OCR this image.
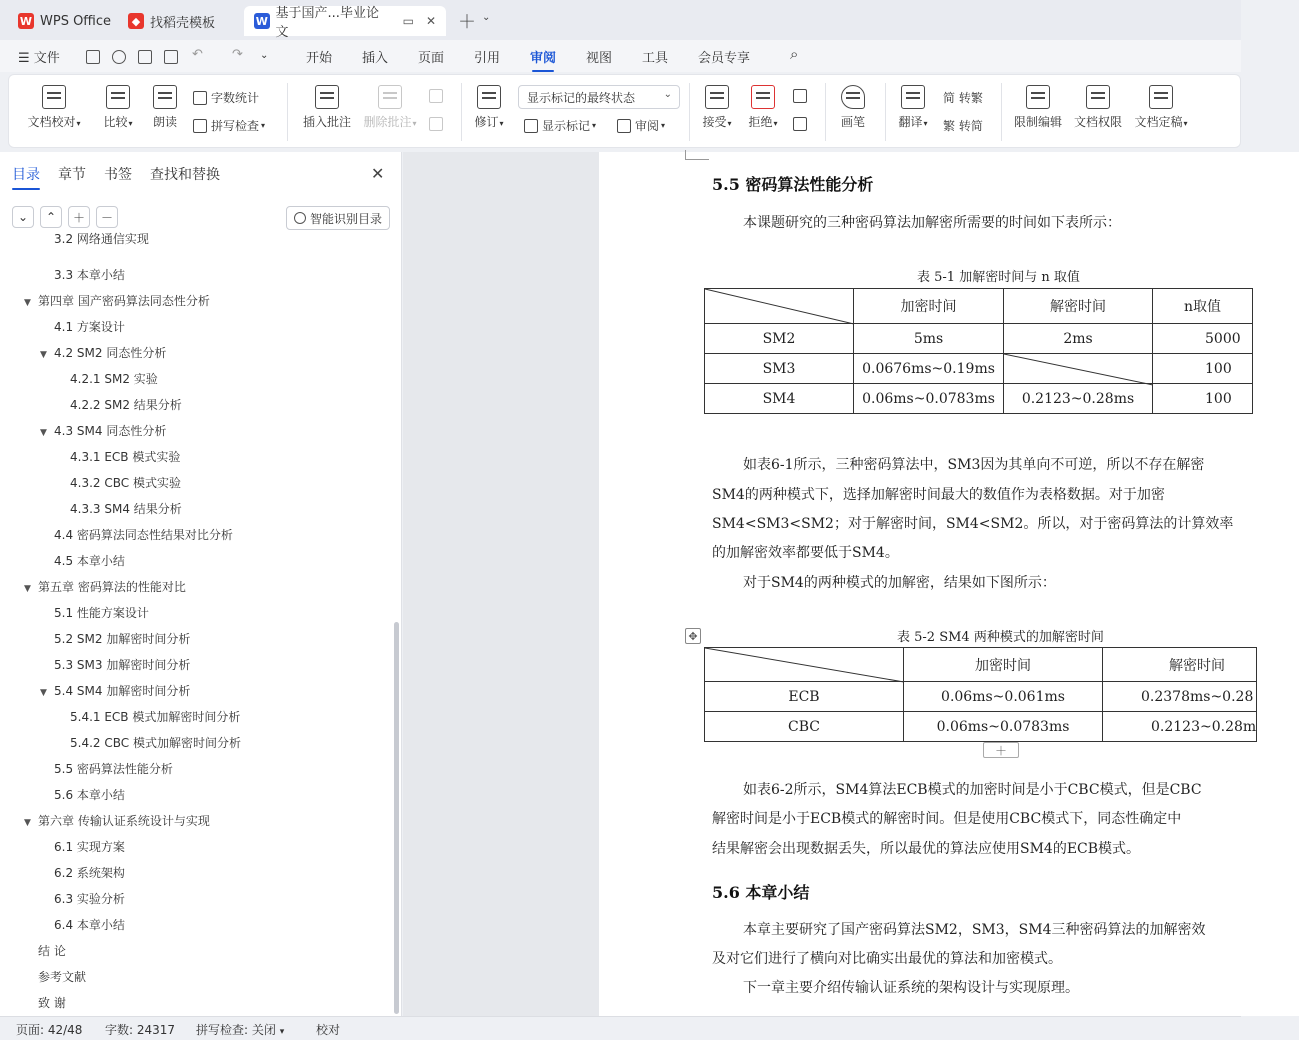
W WPS Office	◆ 找稻壳模板	W 基于国产...毕业论文
▭ ✕ ＋ ⌄
☰ 文件	↶ ↷ ⌄	开始 插入 页面 引用 审阅 视图 工具 会员专享	⌕
文档校对▾	比较▾	朗读
字数统计
拼写检查 ▾	插入批注	删除批注▾	修订▾
显示标记的最终状态	⌄
显示标记 ▾	审阅 ▾	接受▾	拒绝▾	画笔	翻译▾
简 转繁
繁 转简	限制编辑 文档权限	文档定稿▾
目录 章节 书签 查找和替换	✕
⌄	⌃	＋	－	智能识别目录
3.2 网络通信实现
3.3 本章小结
▼ 第四章 国产密码算法同态性分析
4.1 方案设计
▼ 4.2 SM2 同态性分析
4.2.1 SM2 实验
4.2.2 SM2 结果分析
▼ 4.3 SM4 同态性分析
4.3.1 ECB 模式实验
4.3.2 CBC 模式实验
4.3.3 SM4 结果分析
4.4 密码算法同态性结果对比分析
4.5 本章小结
▼ 第五章 密码算法的性能对比
5.1 性能方案设计
5.2 SM2 加解密时间分析
5.3 SM3 加解密时间分析
▼ 5.4 SM4 加解密时间分析
5.4.1 ECB 模式加解密时间分析
5.4.2 CBC 模式加解密时间分析
5.5 密码算法性能分析
5.6 本章小结
▼ 第六章 传输认证系统设计与实现
6.1 实现方案
6.2 系统架构
6.3 实验分析
6.4 本章小结
结 论
参考文献
致 谢
5.5 密码算法性能分析
本课题研究的三种密码算法加解密所需要的时间如下表所示：
表 5-1 加解密时间与 n 取值
	加密时间	解密时间	n取值
SM2	5ms	2ms	5000
SM3	0.0676ms~0.19ms		100
SM4	0.06ms~0.0783ms	0.2123~0.28ms	100
如表6-1所示，三种密码算法中，SM3因为其单向不可逆，所以不存在解密
SM4的两种模式下，选择加解密时间最大的数值作为表格数据。对于加密
SM4<SM3<SM2；对于解密时间，SM4<SM2。所以，对于密码算法的计算效率
的加解密效率都要低于SM4。
对于SM4的两种模式的加解密，结果如下图所示：
✥	表 5-2 SM4 两种模式的加解密时间
	加密时间	解密时间
ECB	0.06ms~0.061ms	0.2378ms~0.28
CBC	0.06ms~0.0783ms	0.2123~0.28m
＋
如表6-2所示，SM4算法ECB模式的加密时间是小于CBC模式，但是CBC
解密时间是小于ECB模式的解密时间。但是使用CBC模式下，同态性确定中
结果解密会出现数据丢失，所以最优的算法应使用SM4的ECB模式。
5.6 本章小结
本章主要研究了国产密码算法SM2，SM3，SM4三种密码算法的加解密效
及对它们进行了横向对比确实出最优的算法和加密模式。
下一章主要介绍传输认证系统的架构设计与实现原理。
页面: 42/48 字数: 24317 拼写检查: 关闭 ▾	校对
